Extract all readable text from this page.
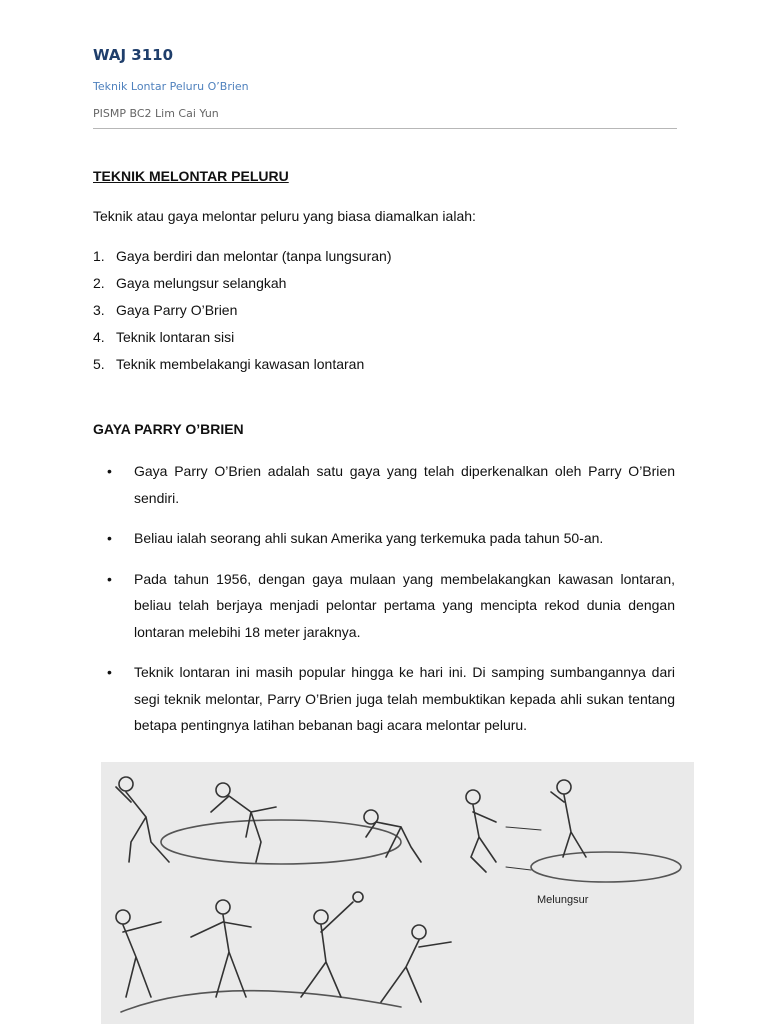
WAJ 3110
Teknik Lontar Peluru O’Brien
PISMP BC2 Lim Cai Yun
TEKNIK MELONTAR PELURU
Teknik atau gaya melontar peluru yang biasa diamalkan ialah:
1. Gaya berdiri dan melontar (tanpa lungsuran)
2. Gaya melungsur selangkah
3. Gaya Parry O’Brien
4. Teknik lontaran sisi
5. Teknik membelakangi kawasan lontaran
GAYA PARRY O’BRIEN
• Gaya Parry O’Brien adalah satu gaya yang telah diperkenalkan oleh Parry O’Brien sendiri.
• Beliau ialah seorang ahli sukan Amerika yang terkemuka pada tahun 50-an.
• Pada tahun 1956, dengan gaya mulaan yang membelakangkan kawasan lontaran, beliau telah berjaya menjadi pelontar pertama yang mencipta rekod dunia dengan lontaran melebihi 18 meter jaraknya.
• Teknik lontaran ini masih popular hingga ke hari ini. Di samping sumbangannya dari segi teknik melontar, Parry O’Brien juga telah membuktikan kepada ahli sukan tentang betapa pentingnya latihan bebanan bagi acara melontar peluru.
Melungsur
